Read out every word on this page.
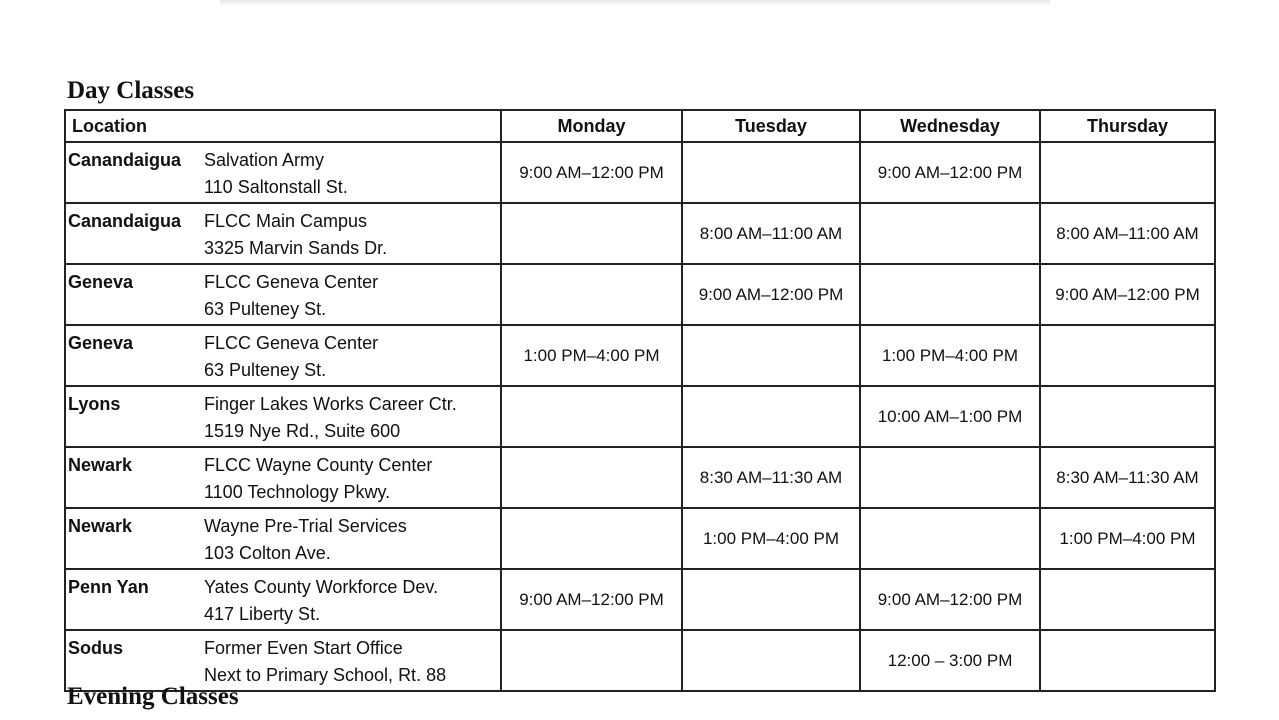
Day Classes
Location	Monday	Tuesday	Wednesday	Thursday
Canandaigua Salvation Army
110 Saltonstall St.	9:00 AM–12:00 PM		9:00 AM–12:00 PM	
Canandaigua FLCC Main Campus
3325 Marvin Sands Dr.		8:00 AM–11:00 AM		8:00 AM–11:00 AM
Geneva FLCC Geneva Center
63 Pulteney St.		9:00 AM–12:00 PM		9:00 AM–12:00 PM
Geneva FLCC Geneva Center
63 Pulteney St.	1:00 PM–4:00 PM		1:00 PM–4:00 PM	
Lyons Finger Lakes Works Career Ctr.
1519 Nye Rd., Suite 600			10:00 AM–1:00 PM	
Newark FLCC Wayne County Center
1100 Technology Pkwy.		8:30 AM–11:30 AM		8:30 AM–11:30 AM
Newark Wayne Pre-Trial Services
103 Colton Ave.		1:00 PM–4:00 PM		1:00 PM–4:00 PM
Penn Yan Yates County Workforce Dev.
417 Liberty St.	9:00 AM–12:00 PM		9:00 AM–12:00 PM	
Sodus Former Even Start Office
Next to Primary School, Rt. 88			12:00 – 3:00 PM	
Evening Classes
